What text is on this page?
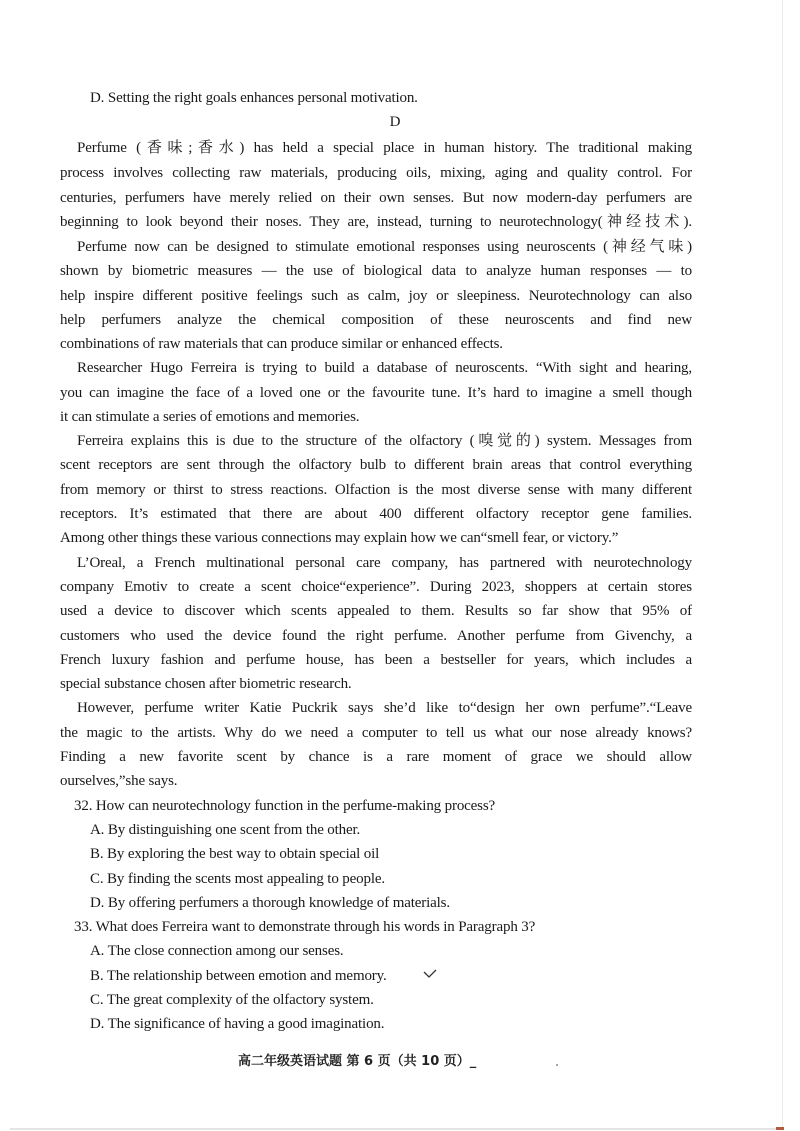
D. Setting the right goals enhances personal motivation.
D
Perfume (香味;香水) has held a special place in human history. The traditional making
process involves collecting raw materials, producing oils, mixing, aging and quality control. For
centuries, perfumers have merely relied on their own senses. But now modern-day perfumers are
beginning to look beyond their noses. They are, instead, turning to neurotechnology(神经技术).
Perfume now can be designed to stimulate emotional responses using neuroscents (神经气味)
shown by biometric measures — the use of biological data to analyze human responses — to
help inspire different positive feelings such as calm, joy or sleepiness. Neurotechnology can also
help perfumers analyze the chemical composition of these neuroscents and find new
combinations of raw materials that can produce similar or enhanced effects.
Researcher Hugo Ferreira is trying to build a database of neuroscents. “With sight and hearing,
you can imagine the face of a loved one or the favourite tune. It’s hard to imagine a smell though
it can stimulate a series of emotions and memories.
Ferreira explains this is due to the structure of the olfactory (嗅觉的) system. Messages from
scent receptors are sent through the olfactory bulb to different brain areas that control everything
from memory or thirst to stress reactions. Olfaction is the most diverse sense with many different
receptors. It’s estimated that there are about 400 different olfactory receptor gene families.
Among other things these various connections may explain how we can“smell fear, or victory.”
L’Oreal, a French multinational personal care company, has partnered with neurotechnology
company Emotiv to create a scent choice“experience”. During 2023, shoppers at certain stores
used a device to discover which scents appealed to them. Results so far show that 95% of
customers who used the device found the right perfume. Another perfume from Givenchy, a
French luxury fashion and perfume house, has been a bestseller for years, which includes a
special substance chosen after biometric research.
However, perfume writer Katie Puckrik says she’d like to“design her own perfume”.“Leave
the magic to the artists. Why do we need a computer to tell us what our nose already knows?
Finding a new favorite scent by chance is a rare moment of grace we should allow
ourselves,”she says.
32. How can neurotechnology function in the perfume-making process?
A. By distinguishing one scent from the other.
B. By exploring the best way to obtain special oil
C. By finding the scents most appealing to people.
D. By offering perfumers a thorough knowledge of materials.
33. What does Ferreira want to demonstrate through his words in Paragraph 3?
A. The close connection among our senses.
B. The relationship between emotion and memory.
C. The great complexity of the olfactory system.
D. The significance of having a good imagination.
高二年级英语试题 第 6 页（共 10 页）_
